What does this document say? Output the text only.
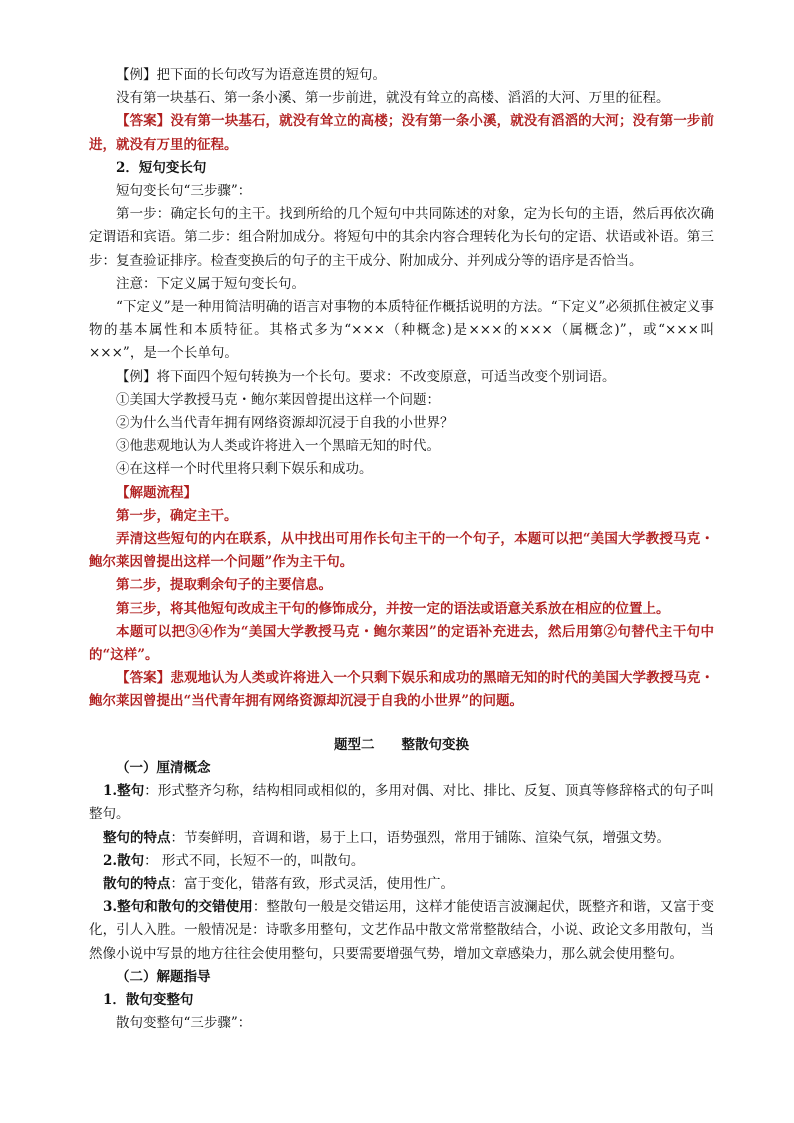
【例】把下面的长句改写为语意连贯的短句。

没有第一块基石、第一条小溪、第一步前进，就没有耸立的高楼、滔滔的大河、万里的征程。

【答案】没有第一块基石，就没有耸立的高楼；没有第一条小溪，就没有滔滔的大河；没有第一步前进，就没有万里的征程。

2．短句变长句

短句变长句“三步骤”：

第一步：确定长句的主干。找到所给的几个短句中共同陈述的对象，定为长句的主语，然后再依次确定谓语和宾语。第二步：组合附加成分。将短句中的其余内容合理转化为长句的定语、状语或补语。第三步：复查验证排序。检查变换后的句子的主干成分、附加成分、并列成分等的语序是否恰当。

注意：下定义属于短句变长句。

“下定义”是一种用简洁明确的语言对事物的本质特征作概括说明的方法。“下定义”必须抓住被定义事物的基本属性和本质特征。其格式多为“×××（种概念)是×××的×××（属概念)”，或“×××叫×××”，是一个长单句。

【例】将下面四个短句转换为一个长句。要求：不改变原意，可适当改变个别词语。

①美国大学教授马克・鲍尔莱因曾提出这样一个问题：

②为什么当代青年拥有网络资源却沉浸于自我的小世界？

③他悲观地认为人类或许将进入一个黑暗无知的时代。

④在这样一个时代里将只剩下娱乐和成功。

【解题流程】

第一步，确定主干。

弄清这些短句的内在联系，从中找出可用作长句主干的一个句子，本题可以把“美国大学教授马克・鲍尔莱因曾提出这样一个问题”作为主干句。

第二步，提取剩余句子的主要信息。

第三步，将其他短句改成主干句的修饰成分，并按一定的语法或语意关系放在相应的位置上。

本题可以把③④作为“美国大学教授马克・鲍尔莱因”的定语补充进去，然后用第②句替代主干句中的“这样”。

【答案】悲观地认为人类或许将进入一个只剩下娱乐和成功的黑暗无知的时代的美国大学教授马克・鲍尔莱因曾提出“当代青年拥有网络资源却沉浸于自我的小世界”的问题。

题型二　　整散句变换

（一）厘清概念

1.整句：形式整齐匀称，结构相同或相似的，多用对偶、对比、排比、反复、顶真等修辞格式的句子叫整句。

整句的特点：节奏鲜明，音调和谐，易于上口，语势强烈，常用于铺陈、渲染气氛，增强文势。

2.散句： 形式不同，长短不一的，叫散句。

散句的特点：富于变化，错落有致，形式灵活，使用性广。

3.整句和散句的交错使用：整散句一般是交错运用，这样才能使语言波澜起伏，既整齐和谐，又富于变化，引人入胜。一般情况是：诗歌多用整句，文艺作品中散文常常整散结合，小说、政论文多用散句，当然像小说中写景的地方往往会使用整句，只要需要增强气势，增加文章感染力，那么就会使用整句。

（二）解题指导

1．散句变整句

散句变整句“三步骤”：
